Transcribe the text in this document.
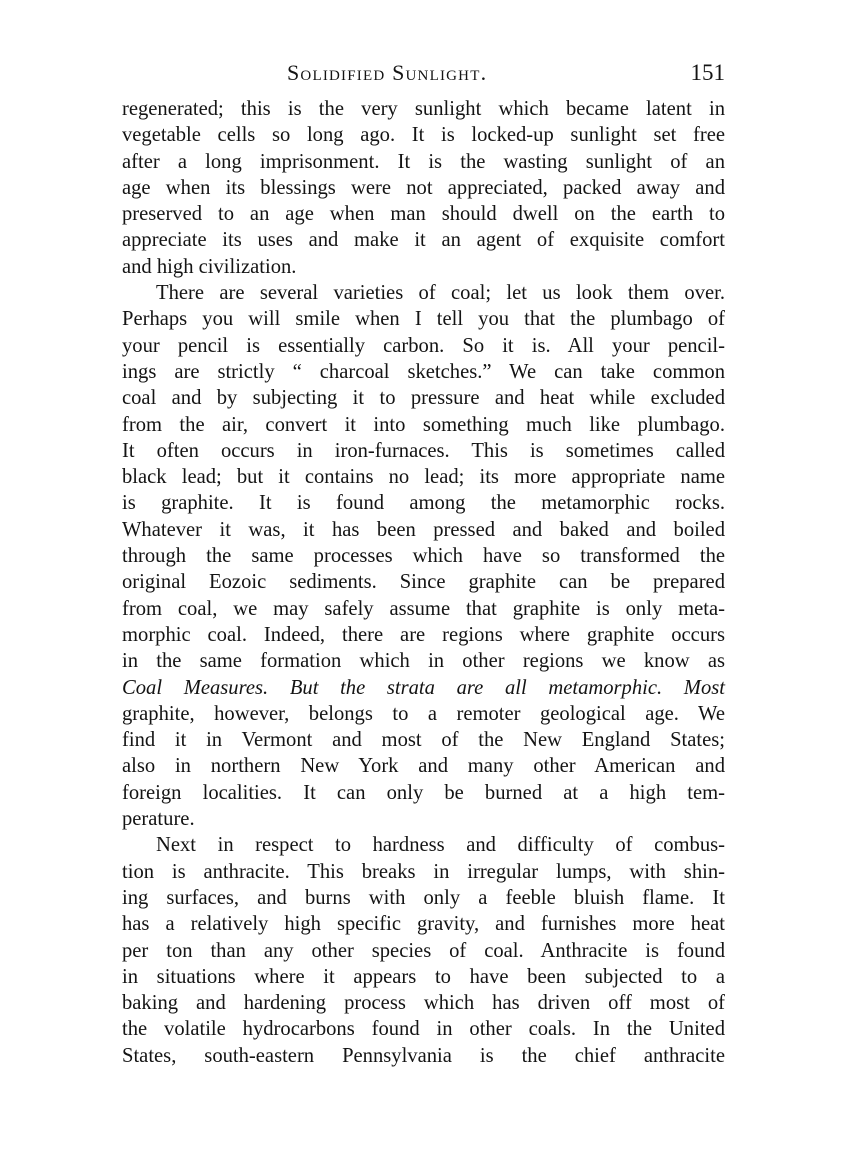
Solidified Sunlight.	151

regenerated; this is the very sunlight which became latent in
vegetable cells so long ago. It is locked-up sunlight set free
after a long imprisonment. It is the wasting sunlight of an
age when its blessings were not appreciated, packed away and
preserved to an age when man should dwell on the earth to
appreciate its uses and make it an agent of exquisite comfort
and high civilization.

There are several varieties of coal; let us look them over.
Perhaps you will smile when I tell you that the plumbago of
your pencil is essentially carbon. So it is. All your pencil-
ings are strictly “ charcoal sketches.” We can take common
coal and by subjecting it to pressure and heat while excluded
from the air, convert it into something much like plumbago.
It often occurs in iron-furnaces. This is sometimes called
black lead; but it contains no lead; its more appropriate name
is graphite. It is found among the metamorphic rocks.
Whatever it was, it has been pressed and baked and boiled
through the same processes which have so transformed the
original Eozoic sediments. Since graphite can be prepared
from coal, we may safely assume that graphite is only meta-
morphic coal. Indeed, there are regions where graphite occurs
in the same formation which in other regions we know as
Coal Measures. But the strata are all metamorphic. Most
graphite, however, belongs to a remoter geological age. We
find it in Vermont and most of the New England States;
also in northern New York and many other American and
foreign localities. It can only be burned at a high tem-
perature.

Next in respect to hardness and difficulty of combus-
tion is anthracite. This breaks in irregular lumps, with shin-
ing surfaces, and burns with only a feeble bluish flame. It
has a relatively high specific gravity, and furnishes more heat
per ton than any other species of coal. Anthracite is found
in situations where it appears to have been subjected to a
baking and hardening process which has driven off most of
the volatile hydrocarbons found in other coals. In the United
States, south-eastern Pennsylvania is the chief anthracite
